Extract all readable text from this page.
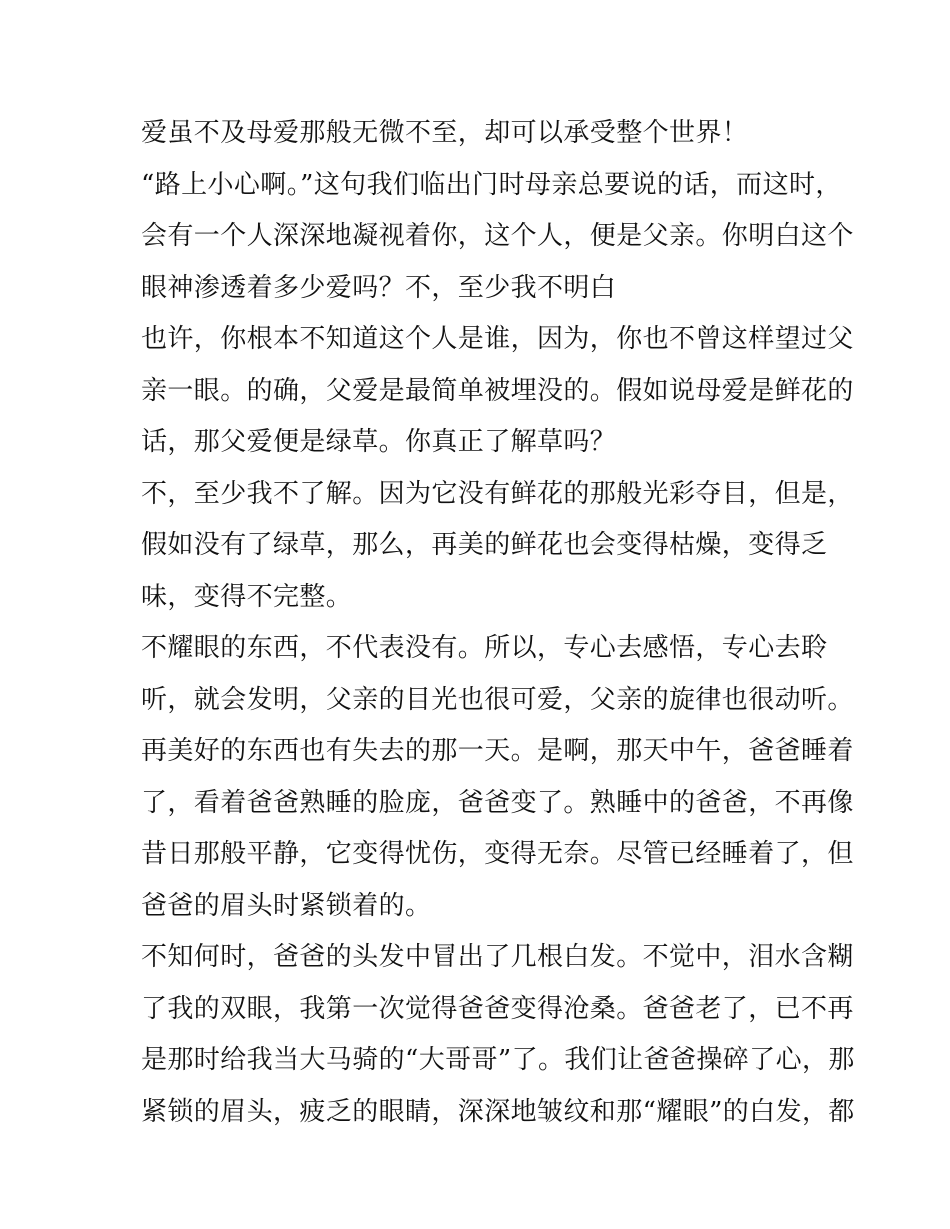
爱虽不及母爱那般无微不至，却可以承受整个世界！
“路上小心啊。”这句我们临出门时母亲总要说的话，而这时，
会有一个人深深地凝视着你，这个人，便是父亲。你明白这个
眼神渗透着多少爱吗？不，至少我不明白
也许，你根本不知道这个人是谁，因为，你也不曾这样望过父
亲一眼。的确，父爱是最简单被埋没的。假如说母爱是鲜花的
话，那父爱便是绿草。你真正了解草吗？
不，至少我不了解。因为它没有鲜花的那般光彩夺目，但是，
假如没有了绿草，那么，再美的鲜花也会变得枯燥，变得乏
味，变得不完整。
不耀眼的东西，不代表没有。所以，专心去感悟，专心去聆
听，就会发明，父亲的目光也很可爱，父亲的旋律也很动听。
再美好的东西也有失去的那一天。是啊，那天中午，爸爸睡着
了，看着爸爸熟睡的脸庞，爸爸变了。熟睡中的爸爸，不再像
昔日那般平静，它变得忧伤，变得无奈。尽管已经睡着了，但
爸爸的眉头时紧锁着的。
不知何时，爸爸的头发中冒出了几根白发。不觉中，泪水含糊
了我的双眼，我第一次觉得爸爸变得沧桑。爸爸老了，已不再
是那时给我当大马骑的“大哥哥”了。我们让爸爸操碎了心，那
紧锁的眉头，疲乏的眼睛，深深地皱纹和那“耀眼”的白发，都
